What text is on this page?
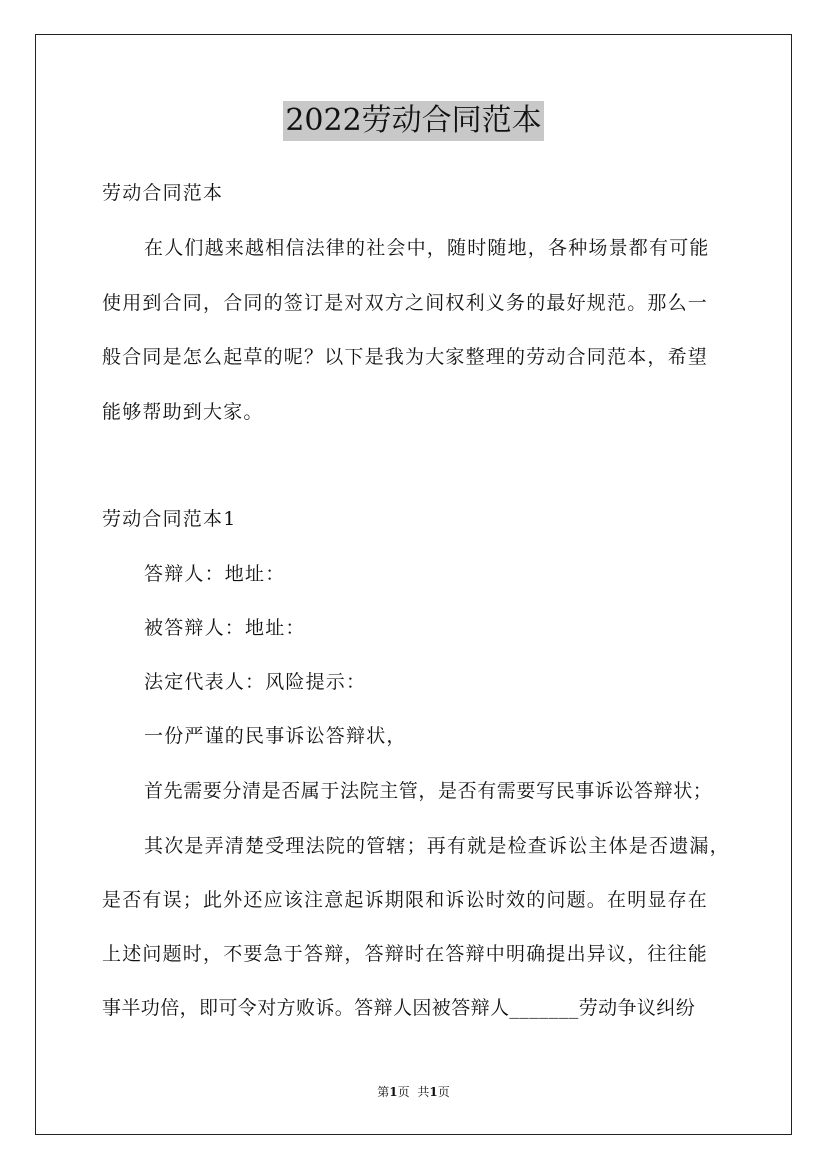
2022劳动合同范本
劳动合同范本
在人们越来越相信法律的社会中，随时随地，各种场景都有可能
使用到合同，合同的签订是对双方之间权利义务的最好规范。那么一
般合同是怎么起草的呢？以下是我为大家整理的劳动合同范本，希望
能够帮助到大家。
劳动合同范本1
答辩人：地址：
被答辩人：地址：
法定代表人：风险提示：
一份严谨的民事诉讼答辩状，
首先需要分清是否属于法院主管，是否有需要写民事诉讼答辩状；
其次是弄清楚受理法院的管辖；再有就是检查诉讼主体是否遗漏，
是否有误；此外还应该注意起诉期限和诉讼时效的问题。在明显存在
上述问题时，不要急于答辩，答辩时在答辩中明确提出异议，往往能
事半功倍，即可令对方败诉。答辩人因被答辩人_______劳动争议纠纷
第1页 共1页
